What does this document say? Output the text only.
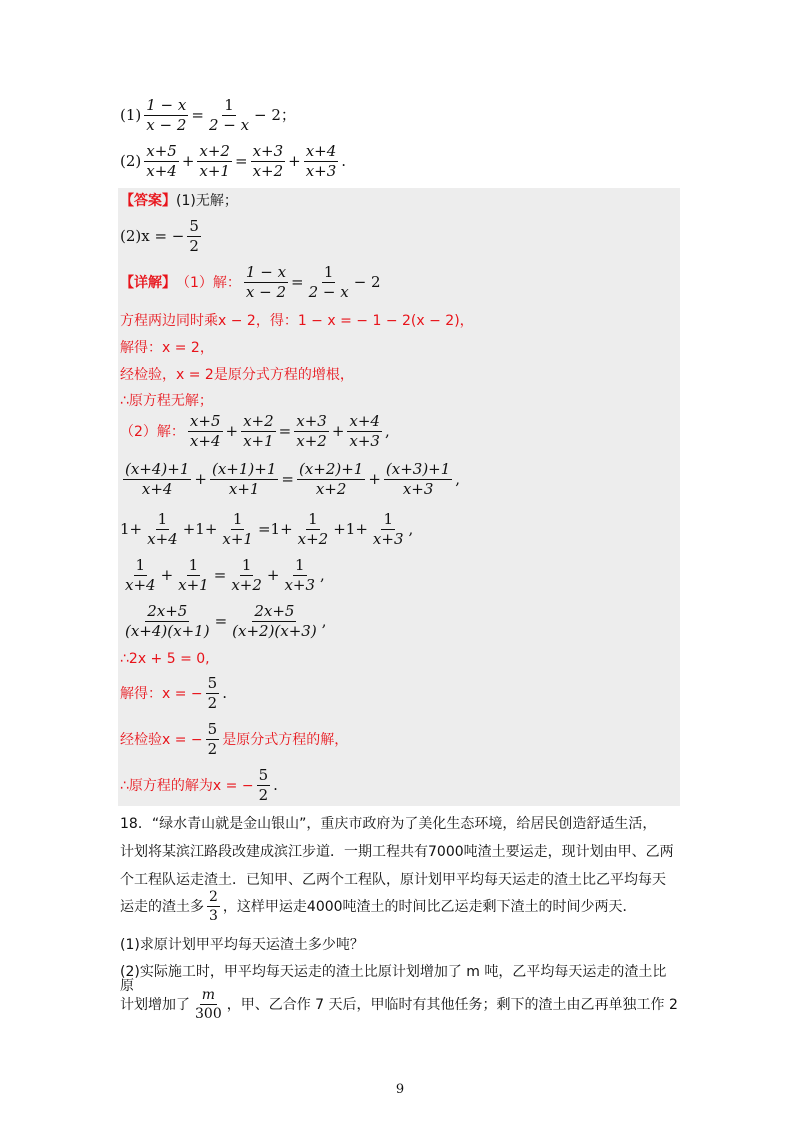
$(1) \frac{1 - x}{x - 2} = \frac{1}{2 - x} - 2$；
$(2) \frac{x+5}{x+4} + \frac{x+2}{x+1} = \frac{x+3}{x+2} + \frac{x+4}{x+3}$ .
【答案】 (1)无解；
(2)x = − $\frac{5}{2}$
【详解】 （1）解： $\frac{1 - x}{x - 2} = \frac{1}{2 - x} - 2$
方程两边同时乘x − 2，得：1 − x = − 1 − 2(x − 2)，
解得：x = 2，
经检验，x = 2是原分式方程的增根，
∴原方程无解；
（2）解： $\frac{x+5}{x+4} + \frac{x+2}{x+1} = \frac{x+3}{x+2} + \frac{x+4}{x+3}$ ,
$\frac{(x+4)+1}{x+4} + \frac{(x+1)+1}{x+1} = \frac{(x+2)+1}{x+2} + \frac{(x+3)+1}{x+3}$ ,
$1+ \frac{1}{x+4} +1+ \frac{1}{x+1} =1+ \frac{1}{x+2} +1+ \frac{1}{x+3}$ ,
$\frac{1}{x+4} + \frac{1}{x+1} = \frac{1}{x+2} + \frac{1}{x+3}$ ,
$\frac{2x+5}{(x+4)(x+1)} = \frac{2x+5}{(x+2)(x+3)}$ ,
∴2x + 5 = 0,
解得：x = − $\frac{5}{2}$ .
经检验x = − $\frac{5}{2}$ 是原分式方程的解，
∴原方程的解为x = − $\frac{5}{2}$ .
18．“绿水青山就是金山银山”，重庆市政府为了美化生态环境，给居民创造舒适生活，
计划将某滨江路段改建成滨江步道．一期工程共有7000吨渣土要运走，现计划由甲、乙两
个工程队运走渣土．已知甲、乙两个工程队，原计划甲平均每天运走的渣土比乙平均每天
运走的渣土多 $\frac{2}{3}$ ，这样甲运走4000吨渣土的时间比乙运走剩下渣土的时间少两天．
(1)求原计划甲平均每天运渣土多少吨？
(2)实际施工时，甲平均每天运走的渣土比原计划增加了 m 吨，乙平均每天运走的渣土比原
计划增加了 $\frac{m}{300}$ ，甲、乙合作 7 天后，甲临时有其他任务；剩下的渣土由乙再单独工作 2
9
